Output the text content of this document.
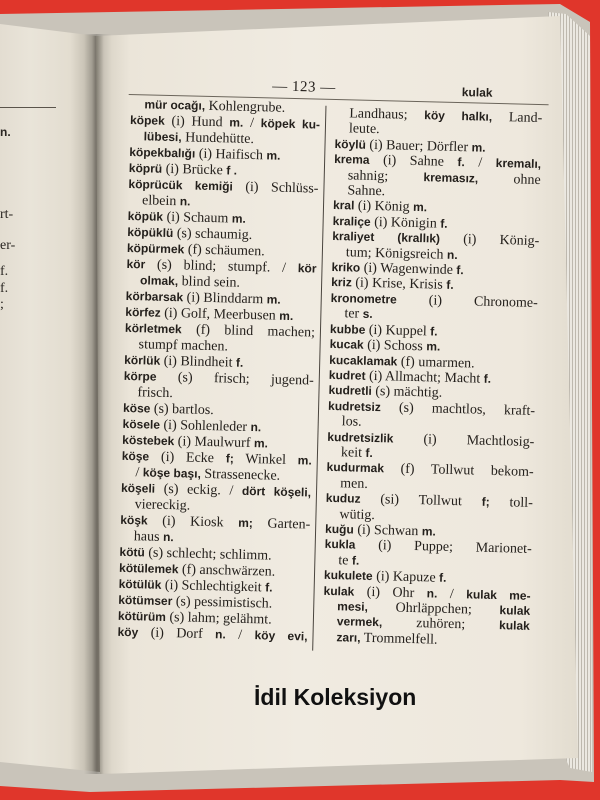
n.
rt-
er-
f.
f.
;
— 123 —	kulak
mür ocağı, Kohlengrube.
köpek (i) Hund m. / köpek ku-
lübesi, Hundehütte.
köpekbalığı (i) Haifisch m.
köprü (i) Brücke f .
köprücük kemiği (i) Schlüss-
elbein n.
köpük (i) Schaum m.
köpüklü (s) schaumig.
köpürmek (f) schäumen.
kör (s) blind; stumpf. / kör
olmak, blind sein.
körbarsak (i) Blinddarm m.
körfez (i) Golf, Meerbusen m.
körletmek (f) blind machen;
stumpf machen.
körlük (i) Blindheit f.
körpe (s) frisch; jugend-
frisch.
köse (s) bartlos.
kösele (i) Sohlenleder n.
köstebek (i) Maulwurf m.
köşe (i) Ecke f; Winkel m.
/ köşe başı, Strassenecke.
köşeli (s) eckig. / dört köşeli,
viereckig.
köşk (i) Kiosk m; Garten-
haus n.
kötü (s) schlecht; schlimm.
kötülemek (f) anschwärzen.
kötülük (i) Schlechtigkeit f.
kötümser (s) pessimistisch.
kötürüm (s) lahm; gelähmt.
köy (i) Dorf n. / köy evi,
Landhaus; köy halkı, Land-
leute.
köylü (i) Bauer; Dörfler m.
krema (i) Sahne f. / kremalı,
sahnig; kremasız, ohne
Sahne.
kral (i) König m.
kraliçe (i) Königin f.
kraliyet (krallık) (i) König-
tum; Königsreich n.
kriko (i) Wagenwinde f.
kriz (i) Krise, Krisis f.
kronometre (i) Chronome-
ter s.
kubbe (i) Kuppel f.
kucak (i) Schoss m.
kucaklamak (f) umarmen.
kudret (i) Allmacht; Macht f.
kudretli (s) mächtig.
kudretsiz (s) machtlos, kraft-
los.
kudretsizlik (i) Machtlosig-
keit f.
kudurmak (f) Tollwut bekom-
men.
kuduz (si) Tollwut f; toll-
wütig.
kuğu (i) Schwan m.
kukla (i) Puppe; Marionet-
te f.
kukulete (i) Kapuze f.
kulak (i) Ohr n. / kulak me-
mesi, Ohrläppchen; kulak
vermek, zuhören; kulak
zarı, Trommelfell.
İdil Koleksiyon
